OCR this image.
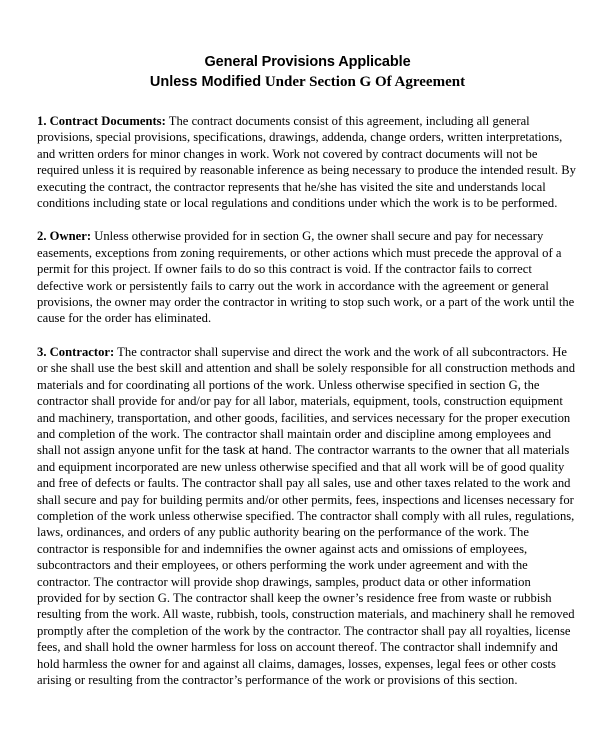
General Provisions Applicable
Unless Modified Under Section G Of Agreement

1. Contract Documents: The contract documents consist of this agreement, including all general provisions, special provisions, specifications, drawings, addenda, change orders, written interpretations, and written orders for minor changes in work. Work not covered by contract documents will not be required unless it is required by reasonable inference as being necessary to produce the intended result. By executing the contract, the contractor represents that he/she has visited the site and understands local conditions including state or local regulations and conditions under which the work is to be performed.

2. Owner: Unless otherwise provided for in section G, the owner shall secure and pay for necessary easements, exceptions from zoning requirements, or other actions which must precede the approval of a permit for this project. If owner fails to do so this contract is void. If the contractor fails to correct defective work or persistently fails to carry out the work in accordance with the agreement or general provisions, the owner may order the contractor in writing to stop such work, or a part of the work until the cause for the order has eliminated.

3. Contractor: The contractor shall supervise and direct the work and the work of all subcontractors. He or she shall use the best skill and attention and shall be solely responsible for all construction methods and materials and for coordinating all portions of the work. Unless otherwise specified in section G, the contractor shall provide for and/or pay for all labor, materials, equipment, tools, construction equipment and machinery, transportation, and other goods, facilities, and services necessary for the proper execution and completion of the work. The contractor shall maintain order and discipline among employees and shall not assign anyone unfit for the task at hand. The contractor warrants to the owner that all materials and equipment incorporated are new unless otherwise specified and that all work will be of good quality and free of defects or faults. The contractor shall pay all sales, use and other taxes related to the work and shall secure and pay for building permits and/or other permits, fees, inspections and licenses necessary for completion of the work unless otherwise specified. The contractor shall comply with all rules, regulations, laws, ordinances, and orders of any public authority bearing on the performance of the work. The contractor is responsible for and indemnifies the owner against acts and omissions of employees, subcontractors and their employees, or others performing the work under agreement and with the contractor. The contractor will provide shop drawings, samples, product data or other information provided for by section G. The contractor shall keep the owner’s residence free from waste or rubbish resulting from the work. All waste, rubbish, tools, construction materials, and machinery shall he removed promptly after the completion of the work by the contractor. The contractor shall pay all royalties, license fees, and shall hold the owner harmless for loss on account thereof. The contractor shall indemnify and hold harmless the owner for and against all claims, damages, losses, expenses, legal fees or other costs arising or resulting from the contractor’s performance of the work or provisions of this section.
